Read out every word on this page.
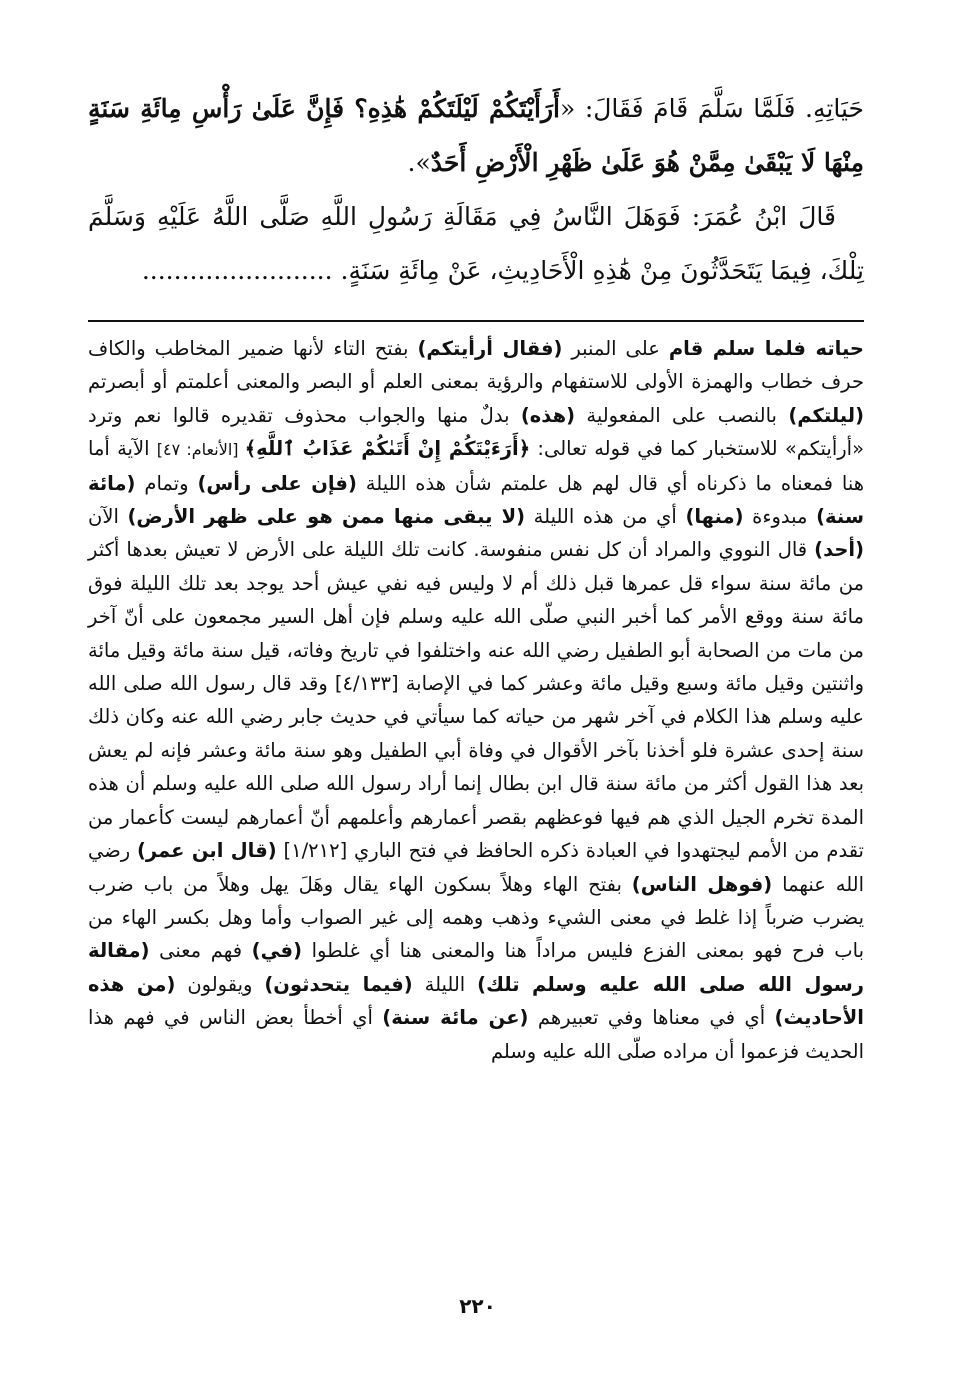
حَيَاتِهِ. فَلَمَّا سَلَّمَ قَامَ فَقَالَ: «أَرَأَيْتَكُمْ لَيْلَتَكُمْ هَٰذِهِ؟ فَإِنَّ عَلَىٰ رَأْسِ مِائَةِ سَنَةٍ مِنْهَا لَا يَبْقَىٰ مِمَّنْ هُوَ عَلَىٰ ظَهْرِ الْأَرْضِ أَحَدٌ».

قَالَ ابْنُ عُمَرَ: فَوَهَلَ النَّاسُ فِي مَقَالَةِ رَسُولِ اللَّهِ صَلَّى اللَّهُ عَلَيْهِ وَسَلَّمَ تِلْكَ، فِيمَا يَتَحَدَّثُونَ مِنْ هَٰذِهِ الْأَحَادِيثِ، عَنْ مِائَةِ سَنَةٍ. ........................

حياته فلما سلم قام على المنبر (فقال أرأيتكم) بفتح التاء لأنها ضمير المخاطب والكاف حرف خطاب والهمزة الأولى للاستفهام والرؤية بمعنى العلم أو البصر والمعنى أعلمتم أو أبصرتم (ليلتكم) بالنصب على المفعولية (هذه) بدلٌ منها والجواب محذوف تقديره قالوا نعم وترد «أرأيتكم» للاستخبار كما في قوله تعالى: ﴿أَرَءَيْتَكُمْ إِنْ أَتَىٰكُمْ عَذَابُ ٱللَّهِ﴾ [الأنعام: ٤٧] الآية أما هنا فمعناه ما ذكرناه أي قال لهم هل علمتم شأن هذه الليلة (فإن على رأس) وتمام (مائة سنة) مبدوءة (منها) أي من هذه الليلة (لا يبقى منها ممن هو على ظهر الأرض) الآن (أحد) قال النووي والمراد أن كل نفس منفوسة. كانت تلك الليلة على الأرض لا تعيش بعدها أكثر من مائة سنة سواء قل عمرها قبل ذلك أم لا وليس فيه نفي عيش أحد يوجد بعد تلك الليلة فوق مائة سنة ووقع الأمر كما أخبر النبي صلّى الله عليه وسلم فإن أهل السير مجمعون على أنّ آخر من مات من الصحابة أبو الطفيل رضي الله عنه واختلفوا في تاريخ وفاته، قيل سنة مائة وقيل مائة واثنتين وقيل مائة وسبع وقيل مائة وعشر كما في الإصابة [٤/١٣٣] وقد قال رسول الله صلى الله عليه وسلم هذا الكلام في آخر شهر من حياته كما سيأتي في حديث جابر رضي الله عنه وكان ذلك سنة إحدى عشرة فلو أخذنا بآخر الأقوال في وفاة أبي الطفيل وهو سنة مائة وعشر فإنه لم يعش بعد هذا القول أكثر من مائة سنة قال ابن بطال إنما أراد رسول الله صلى الله عليه وسلم أن هذه المدة تخرم الجيل الذي هم فيها فوعظهم بقصر أعمارهم وأعلمهم أنّ أعمارهم ليست كأعمار من تقدم من الأمم ليجتهدوا في العبادة ذكره الحافظ في فتح الباري [١/٢١٢] (قال ابن عمر) رضي الله عنهما (فوهل الناس) بفتح الهاء وهلاً بسكون الهاء يقال وهَلَ يهل وهلاً من باب ضرب يضرب ضرباً إذا غلط في معنى الشيء وذهب وهمه إلى غير الصواب وأما وهل بكسر الهاء من باب فرح فهو بمعنى الفزع فليس مراداً هنا والمعنى هنا أي غلطوا (في) فهم معنى (مقالة رسول الله صلى الله عليه وسلم تلك) الليلة (فيما يتحدثون) ويقولون (من هذه الأحاديث) أي في معناها وفي تعبيرهم (عن مائة سنة) أي أخطأ بعض الناس في فهم هذا الحديث فزعموا أن مراده صلّى الله عليه وسلم

٢٢٠
